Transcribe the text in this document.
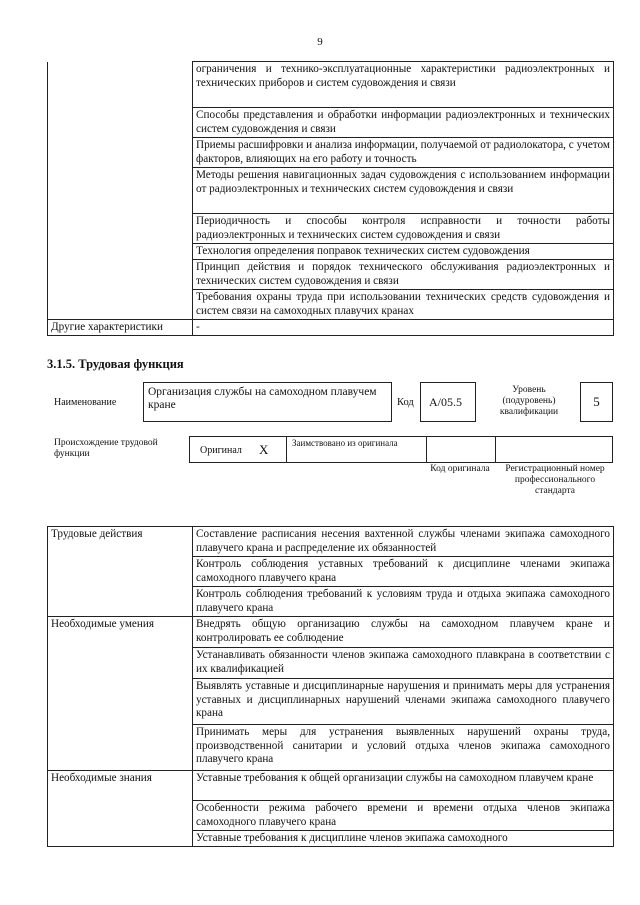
9
	ограничения и технико-эксплуатационные характеристики радиоэлектронных и технических приборов и систем судовождения и связи
	Способы представления и обработки информации радиоэлектронных и технических систем судовождения и связи
	Приемы расшифровки и анализа информации, получаемой от радиолокатора, с учетом факторов, влияющих на его работу и точность
	Методы решения навигационных задач судовождения с использованием информации от радиоэлектронных и технических систем судовождения и связи
	Периодичность и способы контроля исправности и точности работы радиоэлектронных и технических систем судовождения и связи
	Технология определения поправок технических систем судовождения
	Принцип действия и порядок технического обслуживания радиоэлектронных и технических систем судовождения и связи
	Требования охраны труда при использовании технических средств судовождения и систем связи на самоходных плавучих кранах
Другие характеристики	-
3.1.5. Трудовая функция
Наименование
Организация службы на самоходном плавучем кране	Код	А/05.5
Уровень (подуровень) квалификации
5
Происхождение трудовой функции	Оригинал X	Заимствовано из оригинала
Код оригинала	Регистрационный номер профессионального стандарта
Трудовые действия	Составление расписания несения вахтенной службы членами экипажа самоходного плавучего крана и распределение их обязанностей
	Контроль соблюдения уставных требований к дисциплине членами экипажа самоходного плавучего крана
	Контроль соблюдения требований к условиям труда и отдыха экипажа самоходного плавучего крана
Необходимые умения	Внедрять общую организацию службы на самоходном плавучем кране и контролировать ее соблюдение
	Устанавливать обязанности членов экипажа самоходного плавкрана в соответствии с их квалификацией
	Выявлять уставные и дисциплинарные нарушения и принимать меры для устранения уставных и дисциплинарных нарушений членами экипажа самоходного плавучего крана
	Принимать меры для устранения выявленных нарушений охраны труда, производственной санитарии и условий отдыха членов экипажа самоходного плавучего крана
Необходимые знания	Уставные требования к общей организации службы на самоходном плавучем кране
	Особенности режима рабочего времени и времени отдыха членов экипажа самоходного плавучего крана
	Уставные требования к дисциплине членов экипажа самоходного
